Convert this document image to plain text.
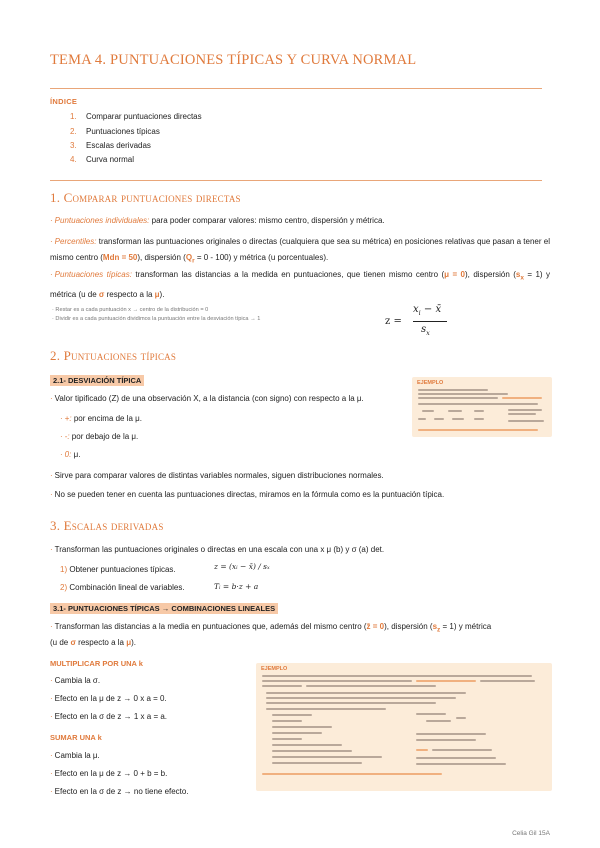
TEMA 4. PUNTUACIONES TÍPICAS Y CURVA NORMAL
ÍNDICE
1. Comparar puntuaciones directas
2. Puntuaciones típicas
3. Escalas derivadas
4. Curva normal
1. Comparar puntuaciones directas
· Puntuaciones individuales: para poder comparar valores: mismo centro, dispersión y métrica.
· Percentiles: transforman las puntuaciones originales o directas (cualquiera que sea su métrica) en posiciones relativas que pasan a tener el mismo centro (Mdn = 50), dispersión $(Q_r = 0 - 100)$ y métrica (u porcentuales).
· Puntuaciones típicas: transforman las distancias a la medida en puntuaciones, que tienen mismo centro (μ = 0), dispersión $(s_x = 1)$ y métrica (u de σ respecto a la μ).
· Restar es a cada puntuación x → centro de la distribución = 0
· Dividir es a cada puntuación dividimos la puntuación entre la desviación típica → 1	z =
$x_i$ − x̄
$s_x$
2. Puntuaciones típicas
2.1- DESVIACIÓN TÍPICA
· Valor tipificado (Z) de una observación X, a la distancia (con signo) con respecto a la μ.
· +: por encima de la μ.
· -: por debajo de la μ.
· 0: μ.
· Sirve para comparar valores de distintas variables normales, siguen distribuciones normales.
· No se pueden tener en cuenta las puntuaciones directas, miramos en la fórmula como es la puntuación típica.
EJEMPLO
3. Escalas derivadas
· Transforman las puntuaciones originales o directas en una escala con una x μ (b) y σ (a) det.
1) Obtener puntuaciones típicas.
2) Combinación lineal de variables.
z = (xᵢ − x̄) / sₓ
Tᵢ = b·z + a
3.1- PUNTUACIONES TÍPICAS → COMBINACIONES LINEALES
· Transforman las distancias a la media en puntuaciones que, además del mismo centro (z̄ = 0), dispersión $(s_z = 1)$ y métrica
(u de σ respecto a la μ).
MULTIPLICAR POR UNA k
· Cambia la σ.
· Efecto en la μ de z → 0 x a = 0.
· Efecto en la σ de z → 1 x a = a.
SUMAR UNA k
· Cambia la μ.
· Efecto en la μ de z → 0 + b = b.
· Efecto en la σ de z → no tiene efecto.
EJEMPLO
Celia Gil 15A
